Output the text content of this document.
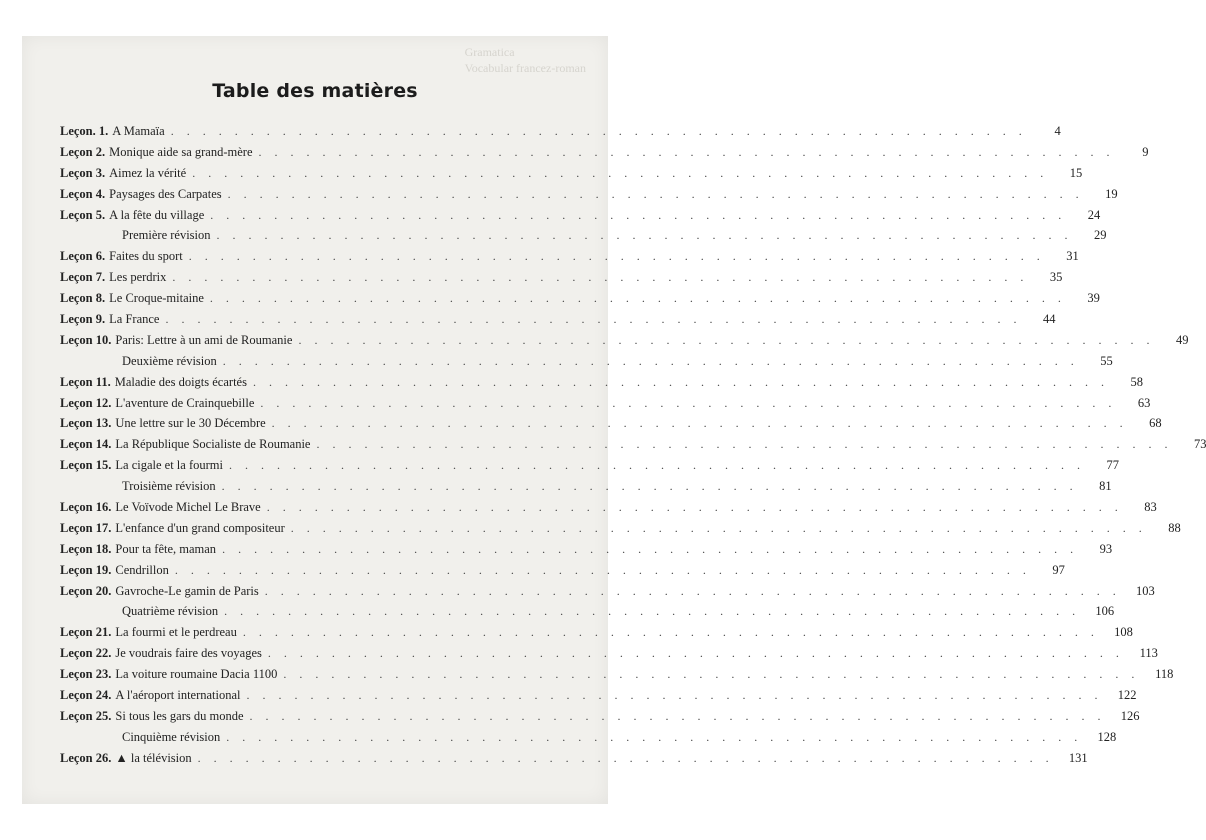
Gramatica
Vocabular francez-roman
Table des matières
Leçon. 1. A Mamaïa . . . . . . . . . . . . . . . . . . . . . . . . . . . . . . . . . . . . . . . . . . . . . . . . . . . . . .	4
Leçon 2. Monique aide sa grand-mère . . . . . . . . . . . . . . . . . . . . . . . . . . . . . . . . . . . . . . . . . . . . . . . . . . . . . .	9
Leçon 3. Aimez la vérité . . . . . . . . . . . . . . . . . . . . . . . . . . . . . . . . . . . . . . . . . . . . . . . . . . . . . .	15
Leçon 4. Paysages des Carpates . . . . . . . . . . . . . . . . . . . . . . . . . . . . . . . . . . . . . . . . . . . . . . . . . . . . . .	19
Leçon 5. A la fête du village . . . . . . . . . . . . . . . . . . . . . . . . . . . . . . . . . . . . . . . . . . . . . . . . . . . . . .	24
Première révision . . . . . . . . . . . . . . . . . . . . . . . . . . . . . . . . . . . . . . . . . . . . . . . . . . . . . .	29
Leçon 6. Faites du sport . . . . . . . . . . . . . . . . . . . . . . . . . . . . . . . . . . . . . . . . . . . . . . . . . . . . . .	31
Leçon 7. Les perdrix . . . . . . . . . . . . . . . . . . . . . . . . . . . . . . . . . . . . . . . . . . . . . . . . . . . . . .	35
Leçon 8. Le Croque-mitaine . . . . . . . . . . . . . . . . . . . . . . . . . . . . . . . . . . . . . . . . . . . . . . . . . . . . . .	39
Leçon 9. La France . . . . . . . . . . . . . . . . . . . . . . . . . . . . . . . . . . . . . . . . . . . . . . . . . . . . . .	44
Leçon 10. Paris: Lettre à un ami de Roumanie . . . . . . . . . . . . . . . . . . . . . . . . . . . . . . . . . . . . . . . . . . . . . . . . . . . . . .	49
Deuxième révision . . . . . . . . . . . . . . . . . . . . . . . . . . . . . . . . . . . . . . . . . . . . . . . . . . . . . .	55
Leçon 11. Maladie des doigts écartés . . . . . . . . . . . . . . . . . . . . . . . . . . . . . . . . . . . . . . . . . . . . . . . . . . . . . .	58
Leçon 12. L'aventure de Crainquebille . . . . . . . . . . . . . . . . . . . . . . . . . . . . . . . . . . . . . . . . . . . . . . . . . . . . . .	63
Leçon 13. Une lettre sur le 30 Décembre . . . . . . . . . . . . . . . . . . . . . . . . . . . . . . . . . . . . . . . . . . . . . . . . . . . . . .	68
Leçon 14. La République Socialiste de Roumanie . . . . . . . . . . . . . . . . . . . . . . . . . . . . . . . . . . . . . . . . . . . . . . . . . . . . . .	73
Leçon 15. La cigale et la fourmi . . . . . . . . . . . . . . . . . . . . . . . . . . . . . . . . . . . . . . . . . . . . . . . . . . . . . .	77
Troisième révision . . . . . . . . . . . . . . . . . . . . . . . . . . . . . . . . . . . . . . . . . . . . . . . . . . . . . .	81
Leçon 16. Le Voïvode Michel Le Brave . . . . . . . . . . . . . . . . . . . . . . . . . . . . . . . . . . . . . . . . . . . . . . . . . . . . . .	83
Leçon 17. L'enfance d'un grand compositeur . . . . . . . . . . . . . . . . . . . . . . . . . . . . . . . . . . . . . . . . . . . . . . . . . . . . . .	88
Leçon 18. Pour ta fête, maman . . . . . . . . . . . . . . . . . . . . . . . . . . . . . . . . . . . . . . . . . . . . . . . . . . . . . .	93
Leçon 19. Cendrillon . . . . . . . . . . . . . . . . . . . . . . . . . . . . . . . . . . . . . . . . . . . . . . . . . . . . . .	97
Leçon 20. Gavroche-Le gamin de Paris . . . . . . . . . . . . . . . . . . . . . . . . . . . . . . . . . . . . . . . . . . . . . . . . . . . . . .	103
Quatrième révision . . . . . . . . . . . . . . . . . . . . . . . . . . . . . . . . . . . . . . . . . . . . . . . . . . . . . .	106
Leçon 21. La fourmi et le perdreau . . . . . . . . . . . . . . . . . . . . . . . . . . . . . . . . . . . . . . . . . . . . . . . . . . . . . .	108
Leçon 22. Je voudrais faire des voyages . . . . . . . . . . . . . . . . . . . . . . . . . . . . . . . . . . . . . . . . . . . . . . . . . . . . . .	113
Leçon 23. La voiture roumaine Dacia 1100 . . . . . . . . . . . . . . . . . . . . . . . . . . . . . . . . . . . . . . . . . . . . . . . . . . . . . .	118
Leçon 24. A l'aéroport international . . . . . . . . . . . . . . . . . . . . . . . . . . . . . . . . . . . . . . . . . . . . . . . . . . . . . .	122
Leçon 25. Si tous les gars du monde . . . . . . . . . . . . . . . . . . . . . . . . . . . . . . . . . . . . . . . . . . . . . . . . . . . . . .	126
Cinquième révision . . . . . . . . . . . . . . . . . . . . . . . . . . . . . . . . . . . . . . . . . . . . . . . . . . . . . .	128
Leçon 26. ▲ la télévision . . . . . . . . . . . . . . . . . . . . . . . . . . . . . . . . . . . . . . . . . . . . . . . . . . . . . .	131
